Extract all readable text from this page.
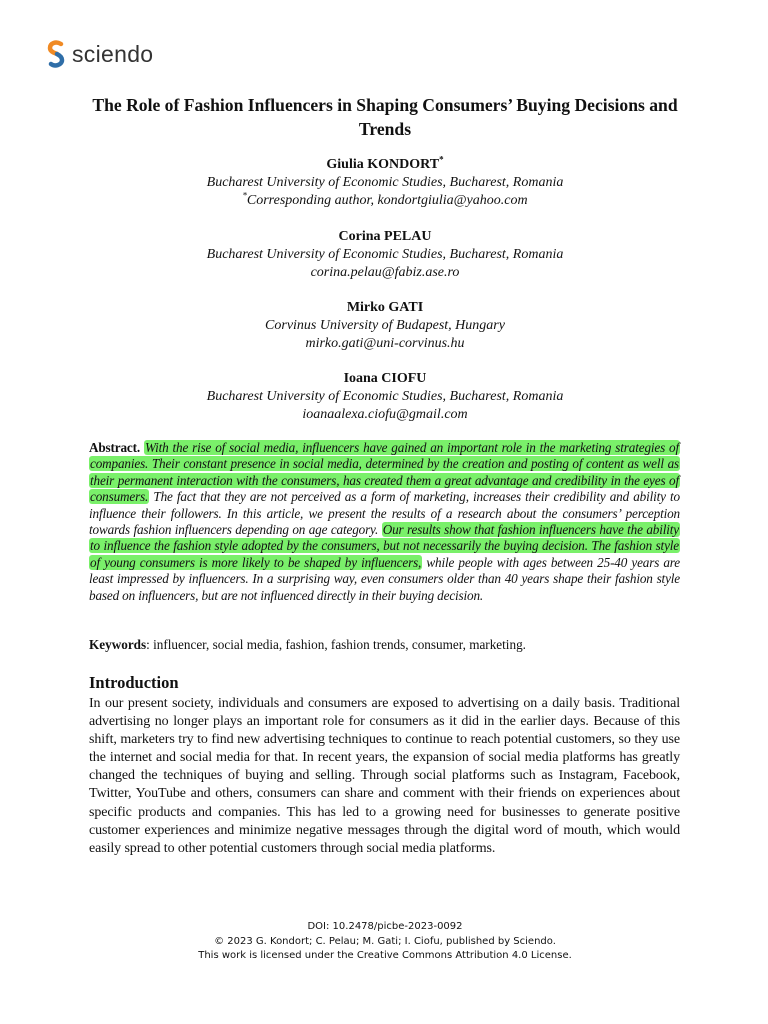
sciendo
The Role of Fashion Influencers in Shaping Consumers’ Buying Decisions and Trends
Giulia KONDORT*
Bucharest University of Economic Studies, Bucharest, Romania
*Corresponding author, kondortgiulia@yahoo.com
Corina PELAU
Bucharest University of Economic Studies, Bucharest, Romania
corina.pelau@fabiz.ase.ro
Mirko GATI
Corvinus University of Budapest, Hungary
mirko.gati@uni-corvinus.hu
Ioana CIOFU
Bucharest University of Economic Studies, Bucharest, Romania
ioanaalexa.ciofu@gmail.com
Abstract. With the rise of social media, influencers have gained an important role in the marketing strategies of companies. Their constant presence in social media, determined by the creation and posting of content as well as their permanent interaction with the consumers, has created them a great advantage and credibility in the eyes of consumers. The fact that they are not perceived as a form of marketing, increases their credibility and ability to influence their followers. In this article, we present the results of a research about the consumers’ perception towards fashion influencers depending on age category. Our results show that fashion influencers have the ability to influence the fashion style adopted by the consumers, but not necessarily the buying decision. The fashion style of young consumers is more likely to be shaped by influencers, while people with ages between 25-40 years are least impressed by influencers. In a surprising way, even consumers older than 40 years shape their fashion style based on influencers, but are not influenced directly in their buying decision.
Keywords: influencer, social media, fashion, fashion trends, consumer, marketing.
Introduction
In our present society, individuals and consumers are exposed to advertising on a daily basis. Traditional advertising no longer plays an important role for consumers as it did in the earlier days. Because of this shift, marketers try to find new advertising techniques to continue to reach potential customers, so they use the internet and social media for that. In recent years, the expansion of social media platforms has greatly changed the techniques of buying and selling. Through social platforms such as Instagram, Facebook, Twitter, YouTube and others, consumers can share and comment with their friends on experiences about specific products and companies. This has led to a growing need for businesses to generate positive customer experiences and minimize negative messages through the digital word of mouth, which would easily spread to other potential customers through social media platforms.
DOI: 10.2478/picbe-2023-0092
© 2023 G. Kondort; C. Pelau; M. Gati; I. Ciofu, published by Sciendo.
This work is licensed under the Creative Commons Attribution 4.0 License.
